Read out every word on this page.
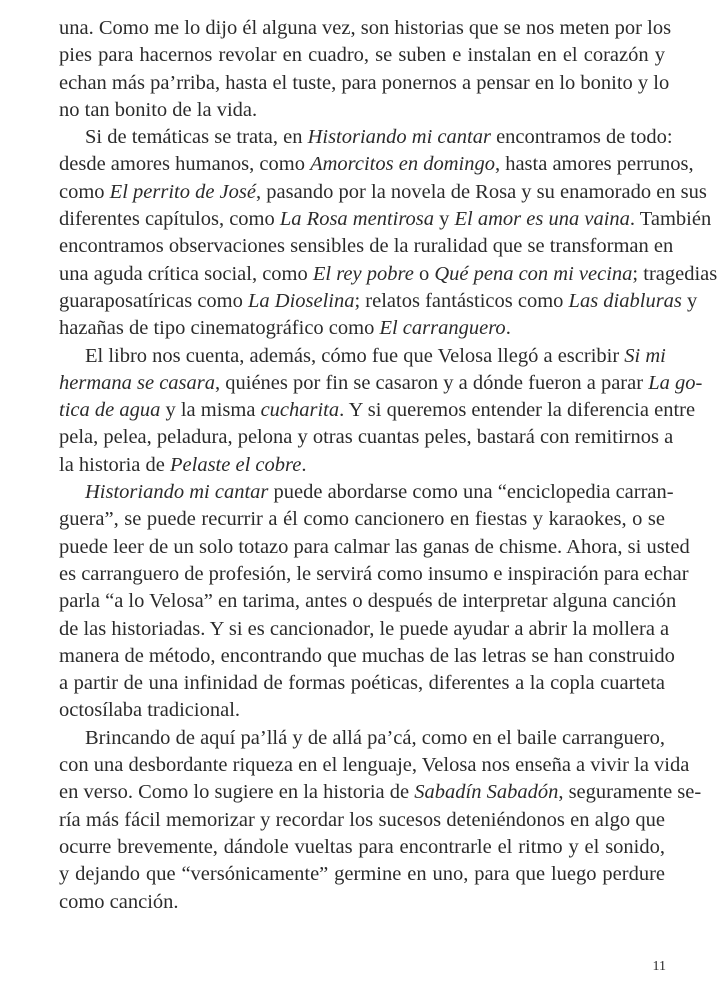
una. Como me lo dijo él alguna vez, son historias que se nos meten por los
pies para hacernos revolar en cuadro, se suben e instalan en el corazón y
echan más pa’rriba, hasta el tuste, para ponernos a pensar en lo bonito y lo
no tan bonito de la vida.
Si de temáticas se trata, en Historiando mi cantar encontramos de todo:
desde amores humanos, como Amorcitos en domingo, hasta amores perrunos,
como El perrito de José, pasando por la novela de Rosa y su enamorado en sus
diferentes capítulos, como La Rosa mentirosa y El amor es una vaina. También
encontramos observaciones sensibles de la ruralidad que se transforman en
una aguda crítica social, como El rey pobre o Qué pena con mi vecina; tragedias
guaraposatíricas como La Dioselina; relatos fantásticos como Las diabluras y
hazañas de tipo cinematográfico como El carranguero.
El libro nos cuenta, además, cómo fue que Velosa llegó a escribir Si mi
hermana se casara, quiénes por fin se casaron y a dónde fueron a parar La go-
tica de agua y la misma cucharita. Y si queremos entender la diferencia entre
pela, pelea, peladura, pelona y otras cuantas peles, bastará con remitirnos a
la historia de Pelaste el cobre.
Historiando mi cantar puede abordarse como una “enciclopedia carran-
guera”, se puede recurrir a él como cancionero en fiestas y karaokes, o se
puede leer de un solo totazo para calmar las ganas de chisme. Ahora, si usted
es carranguero de profesión, le servirá como insumo e inspiración para echar
parla “a lo Velosa” en tarima, antes o después de interpretar alguna canción
de las historiadas. Y si es cancionador, le puede ayudar a abrir la mollera a
manera de método, encontrando que muchas de las letras se han construido
a partir de una infinidad de formas poéticas, diferentes a la copla cuarteta
octosílaba tradicional.
Brincando de aquí pa’llá y de allá pa’cá, como en el baile carranguero,
con una desbordante riqueza en el lenguaje, Velosa nos enseña a vivir la vida
en verso. Como lo sugiere en la historia de Sabadín Sabadón, seguramente se-
ría más fácil memorizar y recordar los sucesos deteniéndonos en algo que
ocurre brevemente, dándole vueltas para encontrarle el ritmo y el sonido,
y dejando que “versónicamente” germine en uno, para que luego perdure
como canción.
11
